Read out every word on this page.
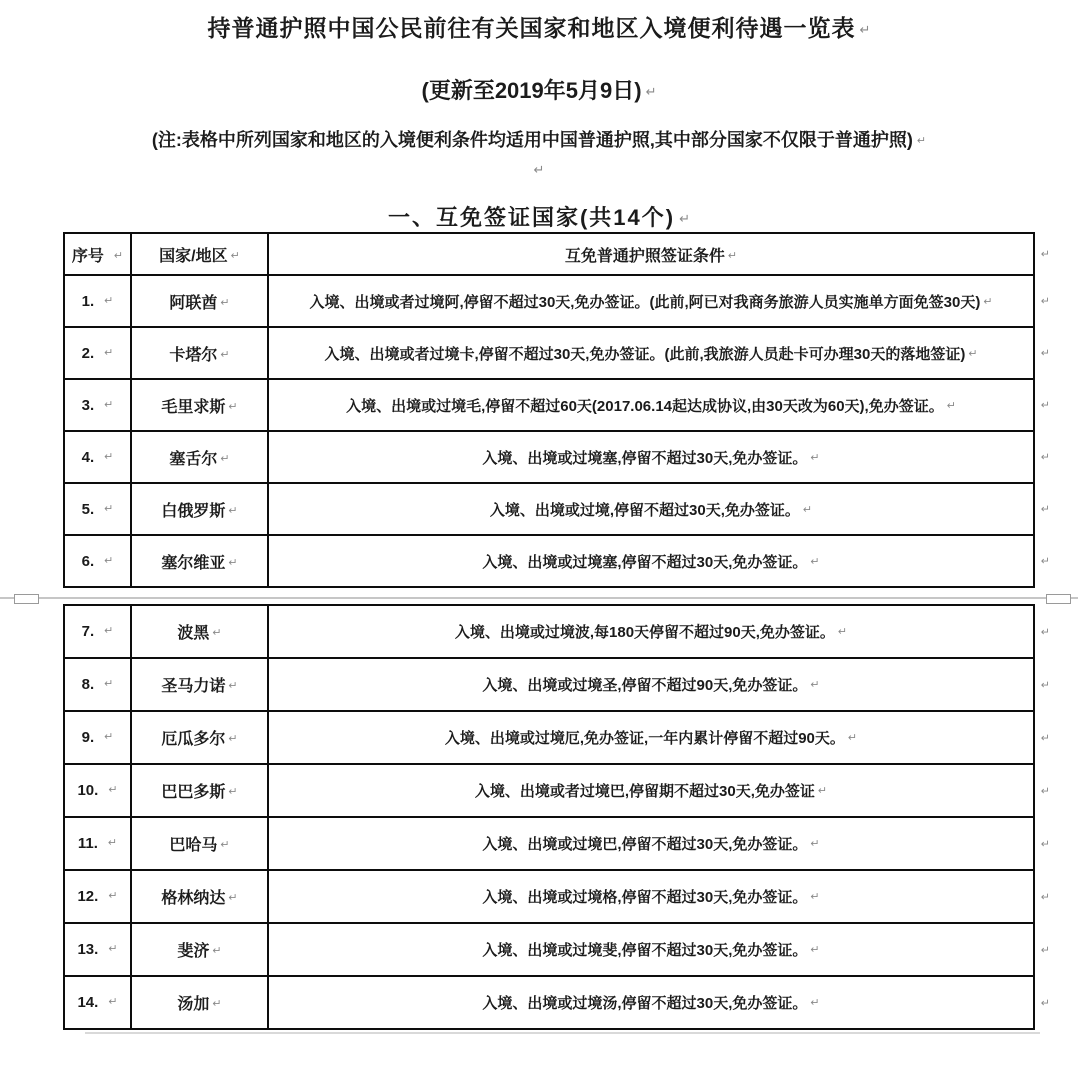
持普通护照中国公民前往有关国家和地区入境便利待遇一览表 ↵
(更新至2019年5月9日) ↵
(注:表格中所列国家和地区的入境便利条件均适用中国普通护照,其中部分国家不仅限于普通护照) ↵
↵
一、互免签证国家(共14个) ↵
序号 ↵	国家/地区 ↵	互免普通护照签证条件 ↵ ↵

1. ↵	阿联酋 ↵	入境、出境或者过境阿,停留不超过30天,免办签证。(此前,阿已对我商务旅游人员实施单方面免签30天) ↵ ↵

2. ↵	卡塔尔 ↵	入境、出境或者过境卡,停留不超过30天,免办签证。(此前,我旅游人员赴卡可办理30天的落地签证) ↵ ↵

3. ↵	毛里求斯 ↵	入境、出境或过境毛,停留不超过60天(2017.06.14起达成协议,由30天改为60天),免办签证。 ↵ ↵

4. ↵	塞舌尔 ↵	入境、出境或过境塞,停留不超过30天,免办签证。 ↵ ↵

5. ↵	白俄罗斯 ↵	入境、出境或过境,停留不超过30天,免办签证。 ↵ ↵

6. ↵	塞尔维亚 ↵	入境、出境或过境塞,停留不超过30天,免办签证。 ↵ ↵
7. ↵	波黑 ↵	入境、出境或过境波,每180天停留不超过90天,免办签证。 ↵ ↵

8. ↵	圣马力诺 ↵	入境、出境或过境圣,停留不超过90天,免办签证。 ↵ ↵

9. ↵	厄瓜多尔 ↵	入境、出境或过境厄,免办签证,一年内累计停留不超过90天。 ↵ ↵

10. ↵	巴巴多斯 ↵	入境、出境或者过境巴,停留期不超过30天,免办签证 ↵ ↵

11. ↵	巴哈马 ↵	入境、出境或过境巴,停留不超过30天,免办签证。 ↵ ↵

12. ↵	格林纳达 ↵	入境、出境或过境格,停留不超过30天,免办签证。 ↵ ↵

13. ↵	斐济 ↵	入境、出境或过境斐,停留不超过30天,免办签证。 ↵ ↵

14. ↵	汤加 ↵	入境、出境或过境汤,停留不超过30天,免办签证。 ↵ ↵
